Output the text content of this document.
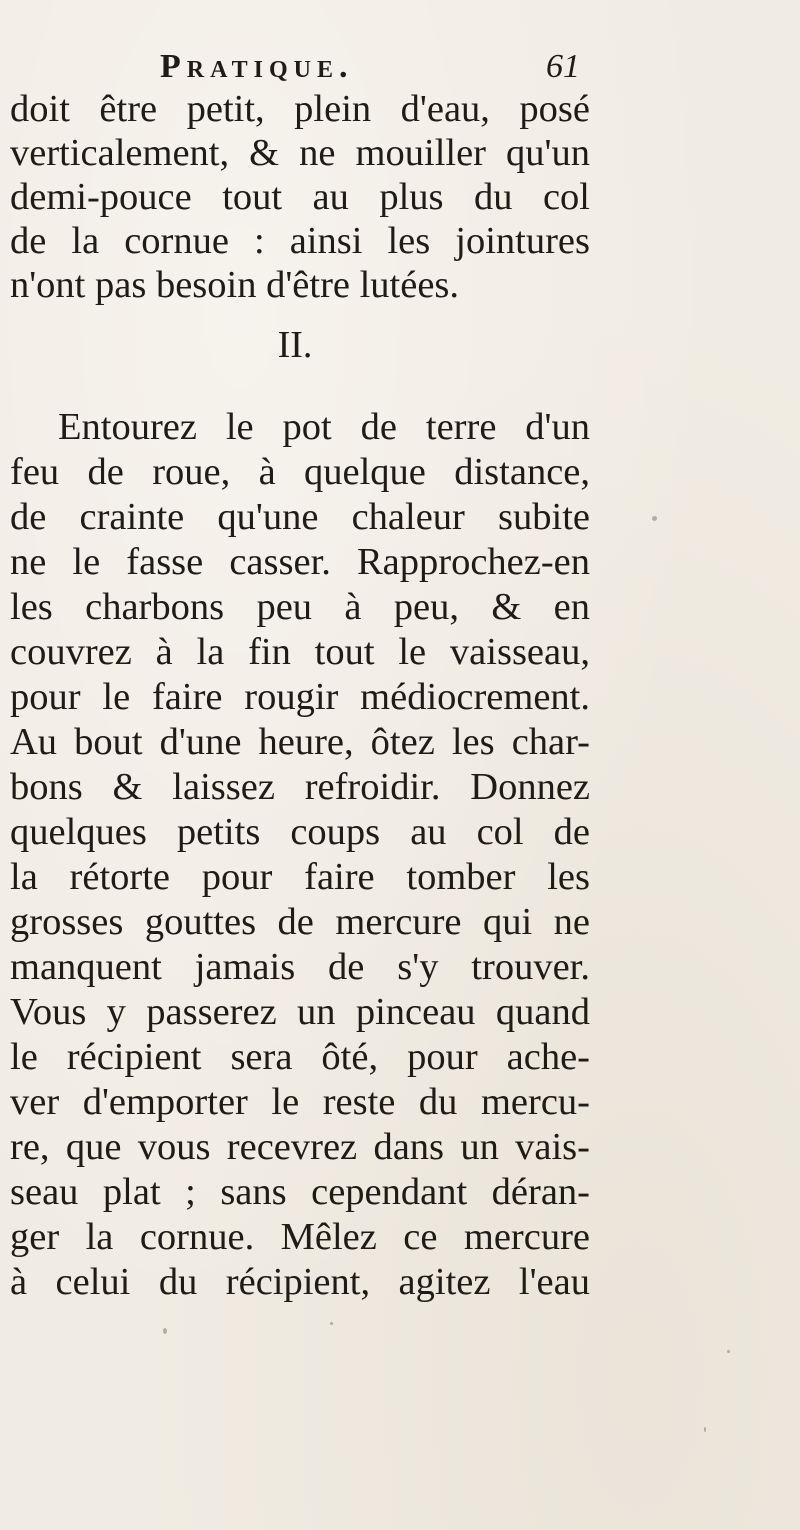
Pratique.	61
doit être petit, plein d'eau, posé
verticalement, & ne mouiller qu'un
demi-pouce tout au plus du col
de la cornue : ainsi les jointures
n'ont pas besoin d'être lutées.
II.
Entourez le pot de terre d'un
feu de roue, à quelque distance,
de crainte qu'une chaleur subite
ne le fasse casser. Rapprochez-en
les charbons peu à peu, & en
couvrez à la fin tout le vaisseau,
pour le faire rougir médiocrement.
Au bout d'une heure, ôtez les char-
bons & laissez refroidir. Donnez
quelques petits coups au col de
la rétorte pour faire tomber les
grosses gouttes de mercure qui ne
manquent jamais de s'y trouver.
Vous y passerez un pinceau quand
le récipient sera ôté, pour ache-
ver d'emporter le reste du mercu-
re, que vous recevrez dans un vais-
seau plat ; sans cependant déran-
ger la cornue. Mêlez ce mercure
à celui du récipient, agitez l'eau
